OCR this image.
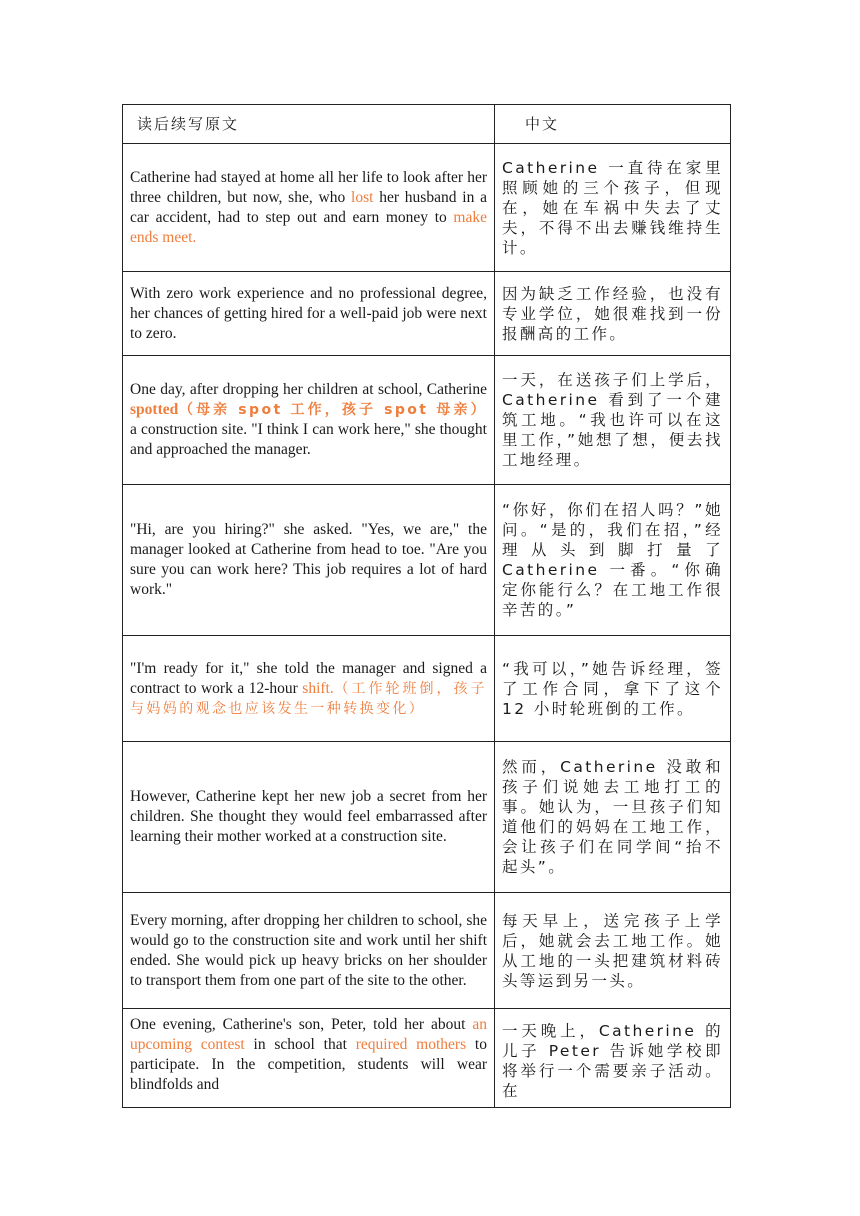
读后续写原文	中文
Catherine had stayed at home all her life to look after her three children, but now, she, who lost her husband in a car accident, had to step out and earn money to make ends meet.	Catherine 一直待在家里照顾她的三个孩子，但现在，她在车祸中失去了丈夫，不得不出去赚钱维持生计。
With zero work experience and no professional degree, her chances of getting hired for a well-paid job were next to zero.	因为缺乏工作经验，也没有专业学位，她很难找到一份报酬高的工作。
One day, after dropping her children at school, Catherine spotted（母亲 spot 工作，孩子 spot 母亲） a construction site. "I think I can work here," she thought and approached the manager.	一天，在送孩子们上学后，Catherine 看到了一个建筑工地。“我也许可以在这里工作，”她想了想，便去找工地经理。
"Hi, are you hiring?" she asked. "Yes, we are," the manager looked at Catherine from head to toe. "Are you sure you can work here? This job requires a lot of hard work."	“你好，你们在招人吗？”她问。“是的，我们在招，”经理从头到脚打量了 Catherine 一番。“你确定你能行么？在工地工作很辛苦的。”
"I'm ready for it," she told the manager and signed a contract to work a 12-hour shift.（工作轮班倒，孩子与妈妈的观念也应该发生一种转换变化）	“我可以，”她告诉经理，签了工作合同，拿下了这个 12 小时轮班倒的工作。
However, Catherine kept her new job a secret from her children. She thought they would feel embarrassed after learning their mother worked at a construction site.	然而，Catherine 没敢和孩子们说她去工地打工的事。她认为，一旦孩子们知道他们的妈妈在工地工作，会让孩子们在同学间“抬不起头”。
Every morning, after dropping her children to school, she would go to the construction site and work until her shift ended. She would pick up heavy bricks on her shoulder to transport them from one part of the site to the other.	每天早上，送完孩子上学后，她就会去工地工作。她从工地的一头把建筑材料砖头等运到另一头。
One evening, Catherine's son, Peter, told her about an upcoming contest in school that required mothers to participate. In the competition, students will wear blindfolds and	一天晚上，Catherine 的儿子 Peter 告诉她学校即将举行一个需要亲子活动。在
